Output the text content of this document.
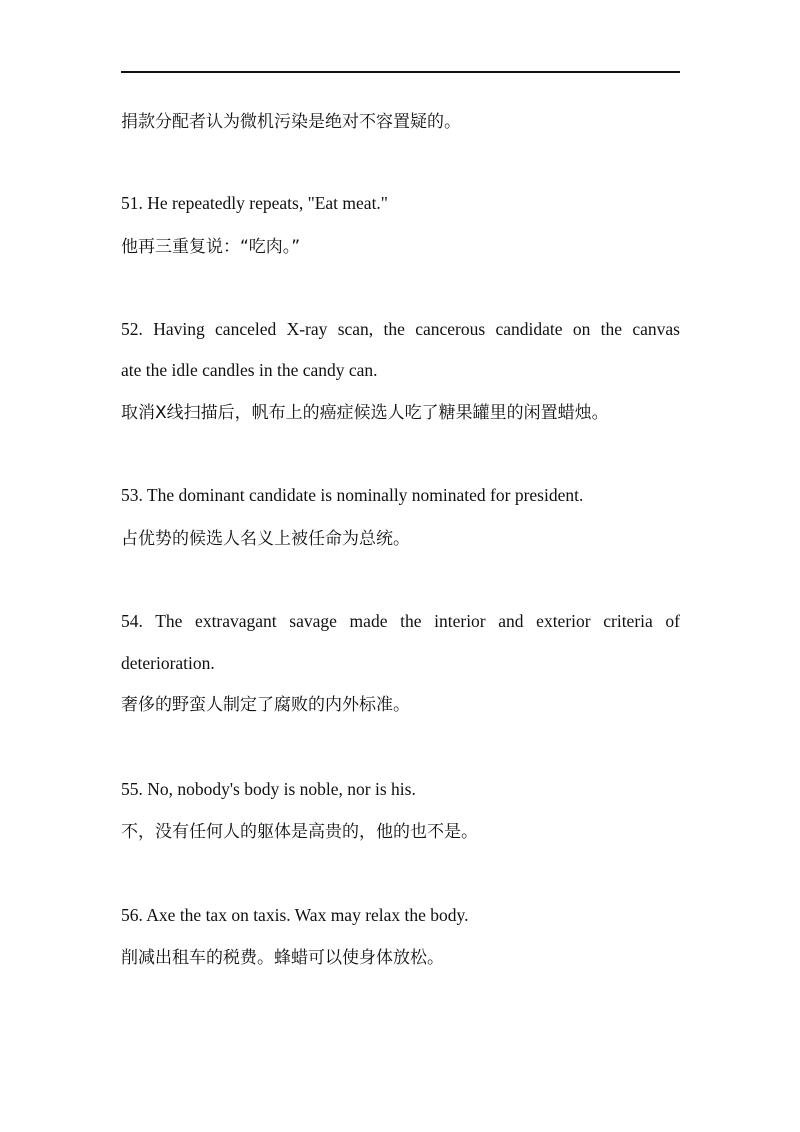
捐款分配者认为微机污染是绝对不容置疑的。
51. He repeatedly repeats, "Eat meat."
他再三重复说：“吃肉。”
52. Having canceled X-ray scan, the cancerous candidate on the canvas
ate the idle candles in the candy can.
取消X线扫描后，帆布上的癌症候选人吃了糖果罐里的闲置蜡烛。
53. The dominant candidate is nominally nominated for president.
占优势的候选人名义上被任命为总统。
54. The extravagant savage made the interior and exterior criteria of
deterioration.
奢侈的野蛮人制定了腐败的内外标准。
55. No, nobody's body is noble, nor is his.
不，没有任何人的躯体是高贵的，他的也不是。
56. Axe the tax on taxis. Wax may relax the body.
削减出租车的税费。蜂蜡可以使身体放松。
